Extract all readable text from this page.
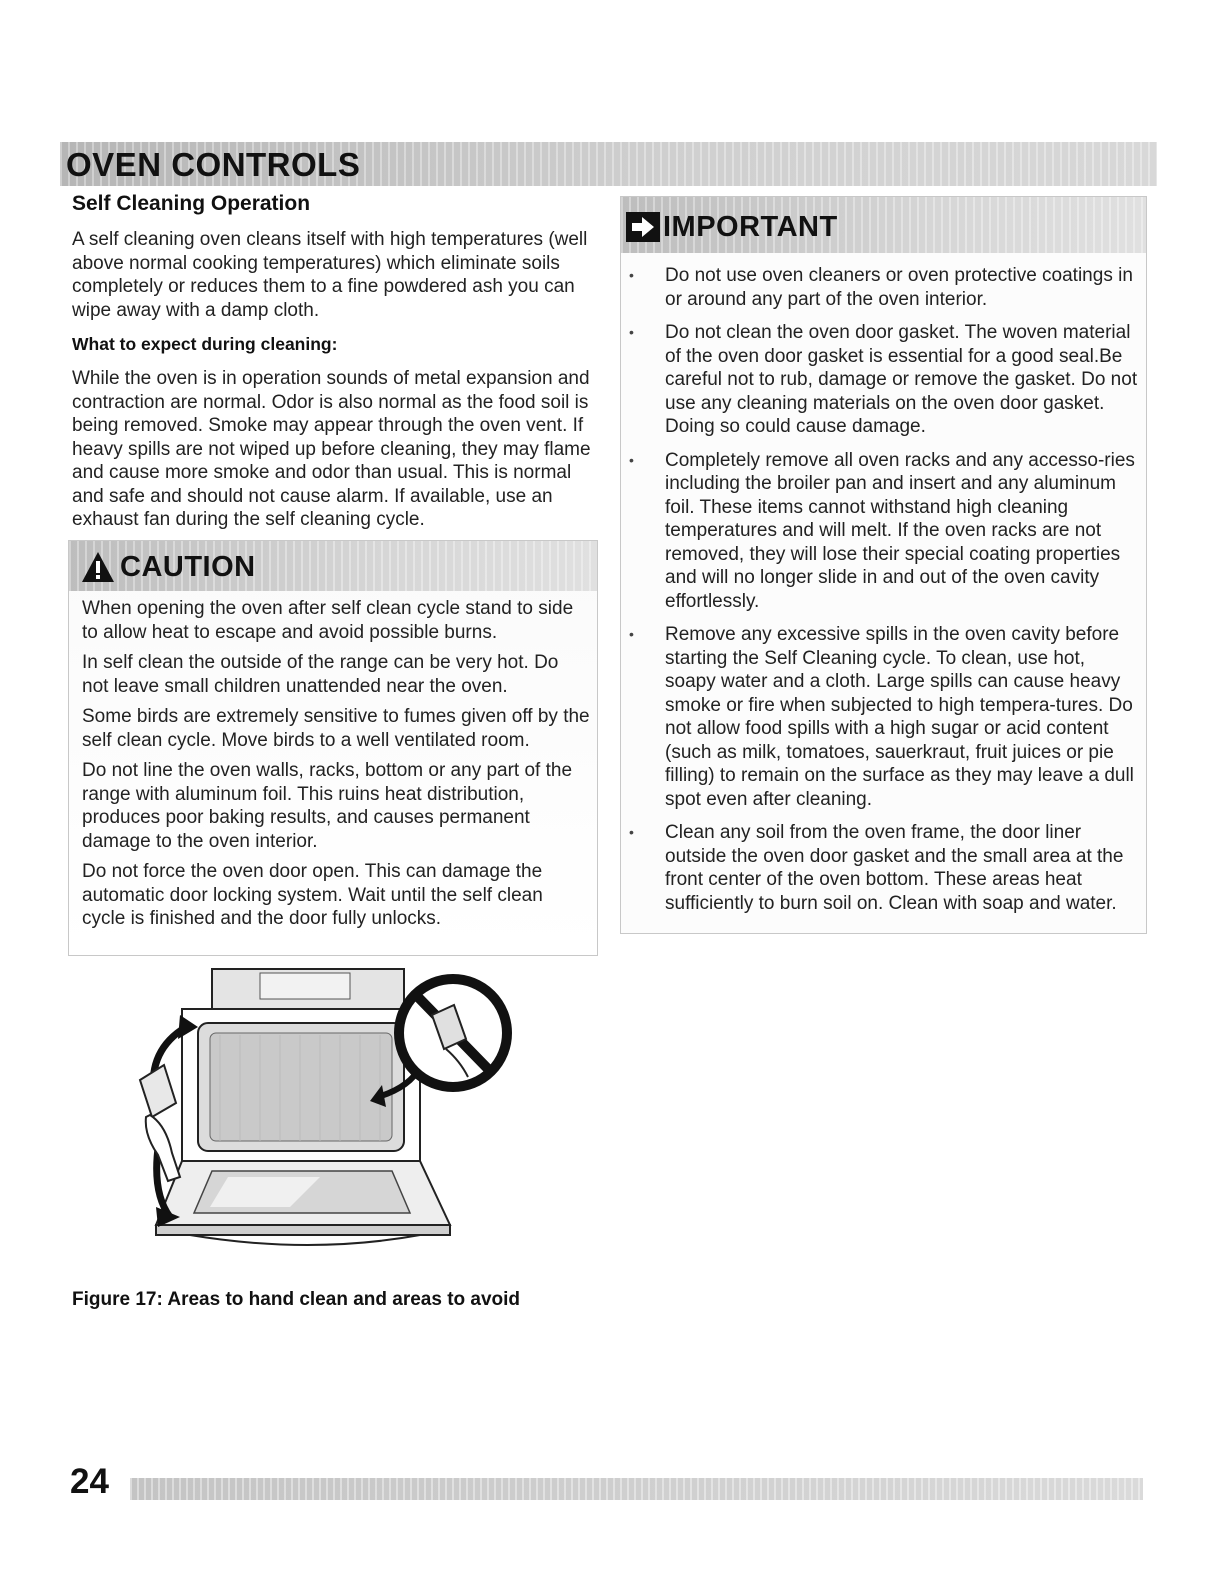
OVEN CONTROLS
Self Cleaning Operation
A self cleaning oven cleans itself with high temperatures (well above normal cooking temperatures) which eliminate soils completely or reduces them to a fine powdered ash you can wipe away with a damp cloth.
What to expect during cleaning:
While the oven is in operation sounds of metal expansion and contraction are normal. Odor is also normal as the food soil is being removed. Smoke may appear through the oven vent. If heavy spills are not wiped up before cleaning, they may flame and cause more smoke and odor than usual. This is normal and safe and should not cause alarm. If available, use an exhaust fan during the self cleaning cycle.
CAUTION

When opening the oven after self clean cycle stand to side to allow heat to escape and avoid possible burns.

In self clean the outside of the range can be very hot. Do not leave small children unattended near the oven.

Some birds are extremely sensitive to fumes given off by the self clean cycle. Move birds to a well ventilated room.

Do not line the oven walls, racks, bottom or any part of the range with aluminum foil. This ruins heat distribution, produces poor baking results, and causes permanent damage to the oven interior.

Do not force the oven door open. This can damage the automatic door locking system. Wait until the self clean cycle is finished and the door fully unlocks.

IMPORTANT
• Do not use oven cleaners or oven protective coatings in or around any part of the oven interior.
• Do not clean the oven door gasket. The woven material of the oven door gasket is essential for a good seal.Be careful not to rub, damage or remove the gasket. Do not use any cleaning materials on the oven door gasket. Doing so could cause damage.
• Completely remove all oven racks and any accesso-ries including the broiler pan and insert and any aluminum foil. These items cannot withstand high cleaning temperatures and will melt. If the oven racks are not removed, they will lose their special coating properties and will no longer slide in and out of the oven cavity effortlessly.
• Remove any excessive spills in the oven cavity before starting the Self Cleaning cycle. To clean, use hot, soapy water and a cloth. Large spills can cause heavy smoke or fire when subjected to high tempera-tures. Do not allow food spills with a high sugar or acid content (such as milk, tomatoes, sauerkraut, fruit juices or pie filling) to remain on the surface as they may leave a dull spot even after cleaning.
• Clean any soil from the oven frame, the door liner outside the oven door gasket and the small area at the front center of the oven bottom. These areas heat sufficiently to burn soil on. Clean with soap and water.
Figure 17: Areas to hand clean and areas to avoid
24
